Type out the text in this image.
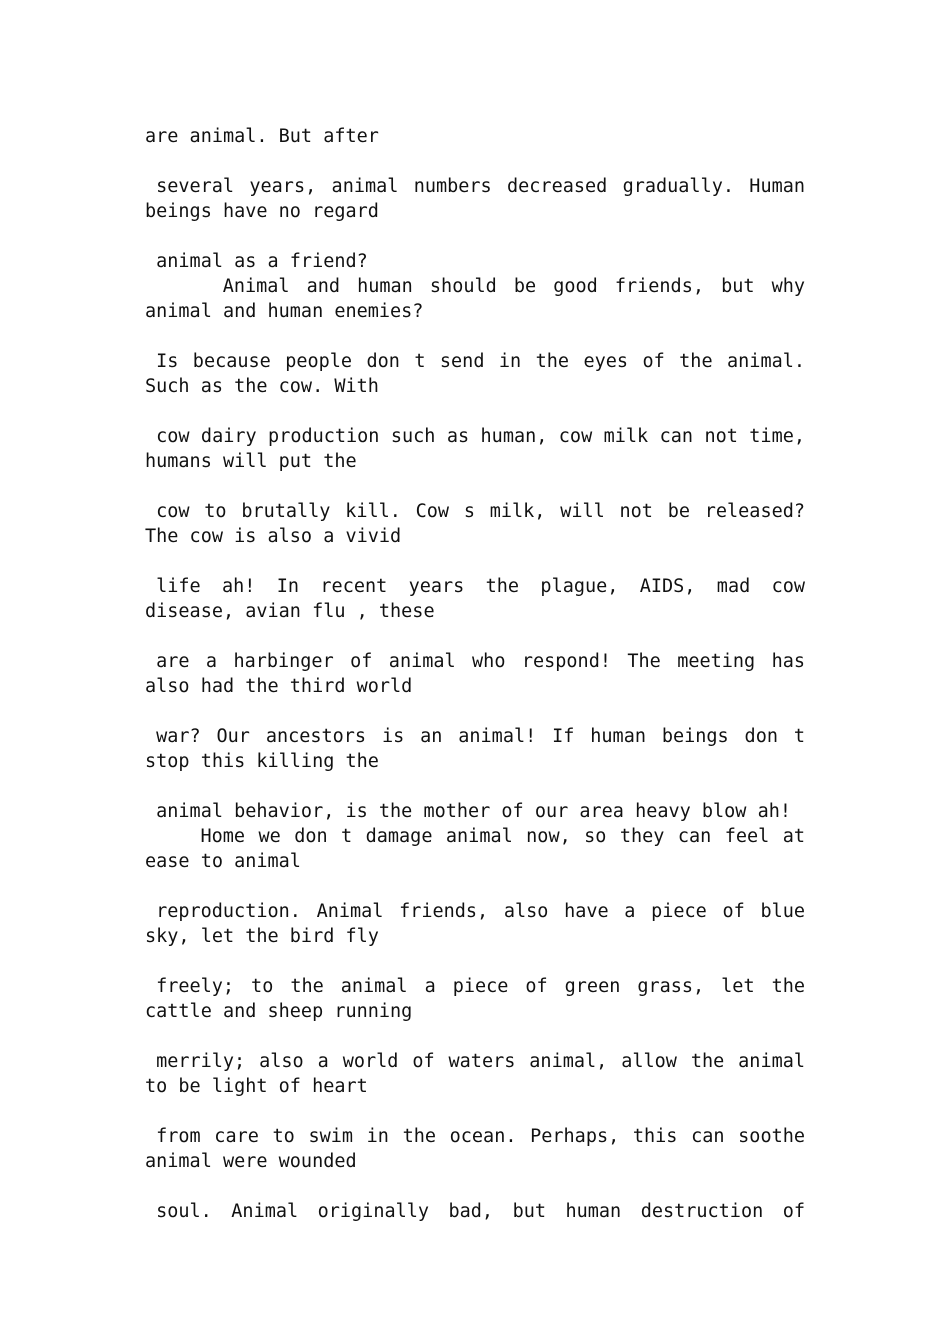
are animal. But after
several years, animal numbers decreased gradually. Human
beings have no regard
animal as a friend?
Animal and human should be good friends, but why
animal and human enemies?
Is because people don t send in the eyes of the animal.
Such as the cow. With
cow dairy production such as human, cow milk can not time,
humans will put the
cow to brutally kill. Cow s milk, will not be released?
The cow is also a vivid
life ah! In recent years the plague, AIDS, mad cow
disease, avian flu , these
are a harbinger of animal who respond! The meeting has
also had the third world
war? Our ancestors is an animal! If human beings don t
stop this killing the
animal behavior, is the mother of our area heavy blow ah!
Home we don t damage animal now, so they can feel at
ease to animal
reproduction. Animal friends, also have a piece of blue
sky, let the bird fly
freely; to the animal a piece of green grass, let the
cattle and sheep running
merrily; also a world of waters animal, allow the animal
to be light of heart
from care to swim in the ocean. Perhaps, this can soothe
animal were wounded
soul. Animal originally bad, but human destruction of
